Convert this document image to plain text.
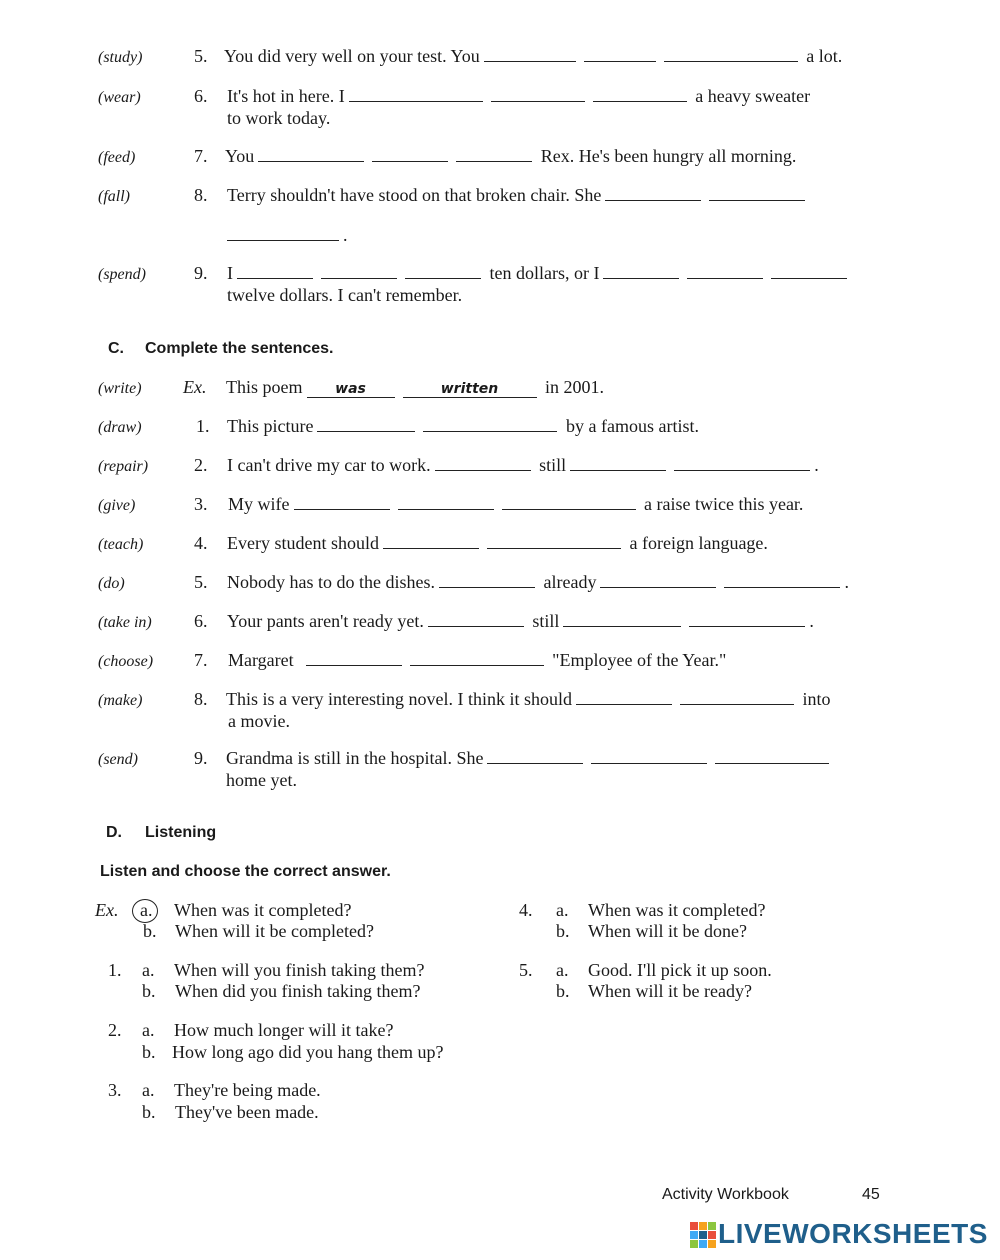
(study)	5. You did very well on your test. You	a lot.
(wear)	6. It's hot in here. I	a heavy sweater
to work today.
(feed)	7. You	Rex. He's been hungry all morning.
(fall)	8. Terry shouldn't have stood on that broken chair. She
.
(spend)	9. I	ten dollars, or I
twelve dollars. I can't remember.
C. Complete the sentences.
(write) Ex. This poem was	written	in 2001.
(draw)	1. This picture	by a famous artist.
(repair)	2. I can't drive my car to work.	still	.
(give)	3. My wife	a raise twice this year.
(teach)	4. Every student should	a foreign language.
(do)	5. Nobody has to do the dishes.	already	.
(take in) 6. Your pants aren't ready yet.	still	.
(choose) 7. Margaret	"Employee of the Year."
(make)	8. This is a very interesting novel. I think it should	into
a movie.
(send)	9. Grandma is still in the hospital. She
home yet.
D. Listening
Listen and choose the correct answer.
Ex. a. When was it completed?
b. When will it be completed?
1. a. When will you finish taking them?
b. When did you finish taking them?
2. a. How much longer will it take?
b. How long ago did you hang them up?
3. a. They're being made.
b. They've been made.
4. a. When was it completed?
b. When will it be done?
5. a. Good. I'll pick it up soon.
b. When will it be ready?
Activity Workbook	45
LIVEWORKSHEETS
